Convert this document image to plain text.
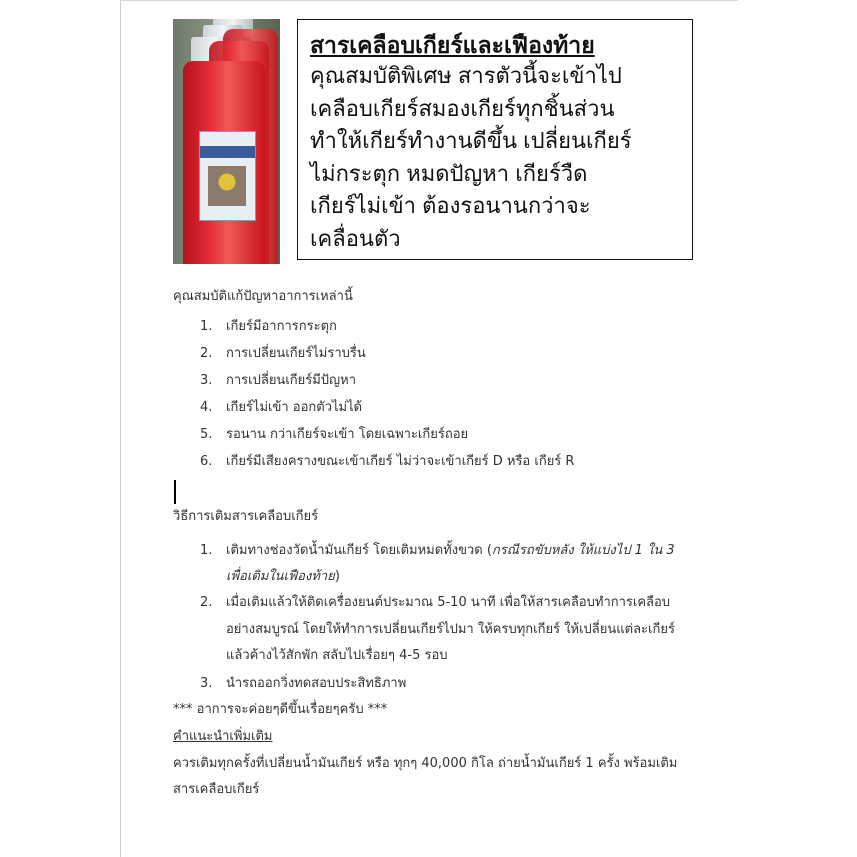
สารเคลือบเกียร์และเฟืองท้าย

คุณสมบัติพิเศษ สารตัวนี้จะเข้าไป

เคลือบเกียร์สมองเกียร์ทุกชิ้นส่วน

ทำให้เกียร์ทำงานดีขึ้น เปลี่ยนเกียร์

ไม่กระตุก หมดปัญหา เกียร์วืด

เกียร์ไม่เข้า ต้องรอนานกว่าจะ

เคลื่อนตัว

คุณสมบัติแก้ปัญหาอาการเหล่านี้
1. เกียร์มีอาการกระตุก
2. การเปลี่ยนเกียร์ไม่ราบรื่น
3. การเปลี่ยนเกียร์มีปัญหา
4. เกียร์ไม่เข้า ออกตัวไม่ได้
5. รอนาน กว่าเกียร์จะเข้า โดยเฉพาะเกียร์ถอย
6. เกียร์มีเสียงครางขณะเข้าเกียร์ ไม่ว่าจะเข้าเกียร์ D หรือ เกียร์ R
วิธีการเติมสารเคลือบเกียร์
1. เติมทางช่องวัดน้ำมันเกียร์ โดยเติมหมดทั้งขวด (กรณีรถขับหลัง ให้แบ่งไป 1 ใน 3 เพื่อเติมในเฟืองท้าย)
2. เมื่อเติมแล้วให้ติดเครื่องยนต์ประมาณ 5-10 นาที เพื่อให้สารเคลือบทำการเคลือบอย่างสมบูรณ์ โดยให้ทำการเปลี่ยนเกียร์ไปมา ให้ครบทุกเกียร์ ให้เปลี่ยนแต่ละเกียร์แล้วค้างไว้สักพัก สลับไปเรื่อยๆ 4-5 รอบ
3. นำรถออกวิ่งทดสอบประสิทธิภาพ
*** อาการจะค่อยๆดีขึ้นเรื่อยๆครับ ***
คำแนะนำเพิ่มเติม
ควรเติมทุกครั้งที่เปลี่ยนน้ำมันเกียร์ หรือ ทุกๆ 40,000 กิโล ถ่ายน้ำมันเกียร์ 1 ครั้ง พร้อมเติม
สารเคลือบเกียร์
